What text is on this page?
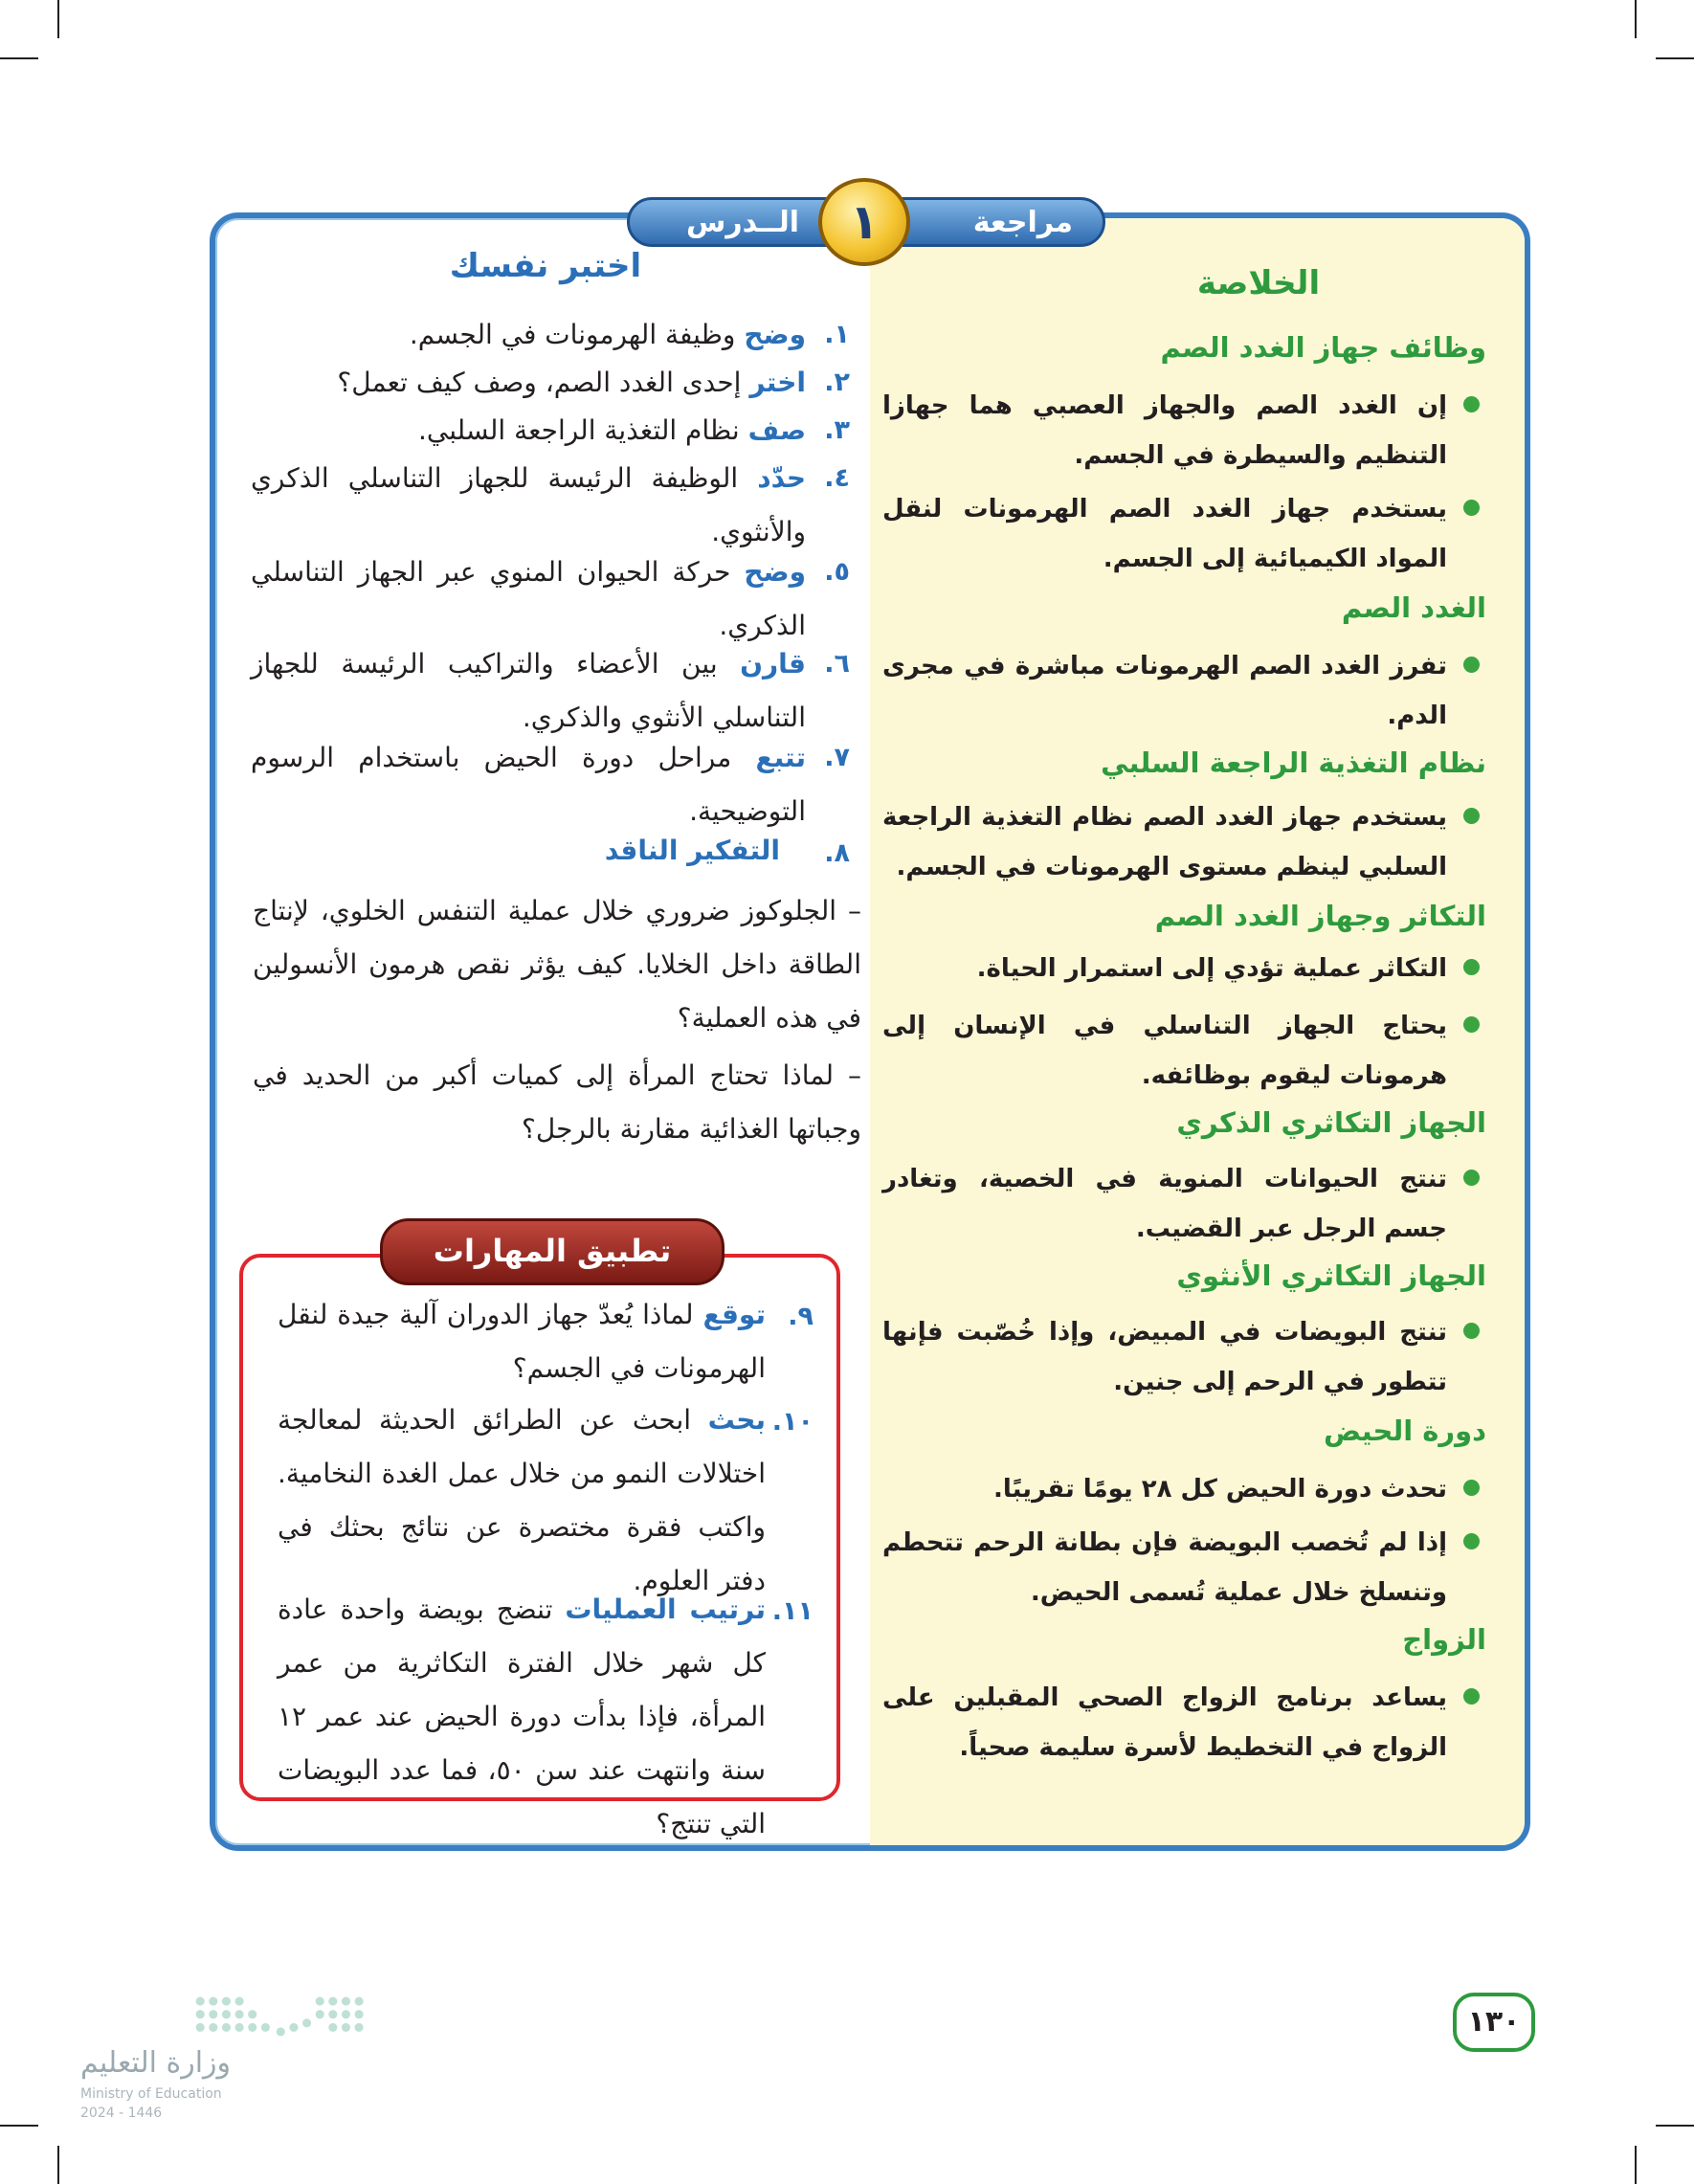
مراجعة
الــدرس	١
الخلاصة
وظائف جهاز الغدد الصم
إن الغدد الصم والجهاز العصبي هما جهازا التنظيم والسيطرة في الجسم.
يستخدم جهاز الغدد الصم الهرمونات لنقل المواد الكيميائية إلى الجسم.
الغدد الصم
تفرز الغدد الصم الهرمونات مباشرة في مجرى الدم.
نظام التغذية الراجعة السلبي
يستخدم جهاز الغدد الصم نظام التغذية الراجعة السلبي لينظم مستوى الهرمونات في الجسم.
التكاثر وجهاز الغدد الصم
التكاثر عملية تؤدي إلى استمرار الحياة.
يحتاج الجهاز التناسلي في الإنسان إلى هرمونات ليقوم بوظائفه.
الجهاز التكاثري الذكري
تنتج الحيوانات المنوية في الخصية، وتغادر جسم الرجل عبر القضيب.
الجهاز التكاثري الأنثوي
تنتج البويضات في المبيض، وإذا خُصّبت فإنها تتطور في الرحم إلى جنين.
دورة الحيض
تحدث دورة الحيض كل ٢٨ يومًا تقريبًا.
إذا لم تُخصب البويضة فإن بطانة الرحم تتحطم وتنسلخ خلال عملية تُسمى الحيض.
الزواج
يساعد برنامج الزواج الصحي المقبلين على الزواج في التخطيط لأسرة سليمة صحياً.
اختبر نفسك
١.
وضح وظيفة الهرمونات في الجسم.
٢.
اختر إحدى الغدد الصم، وصف كيف تعمل؟
٣.
صف نظام التغذية الراجعة السلبي.
٤.
حدّد الوظيفة الرئيسة للجهاز التناسلي الذكري والأنثوي.
٥.
وضح حركة الحيوان المنوي عبر الجهاز التناسلي الذكري.
٦.
قارن بين الأعضاء والتراكيب الرئيسة للجهاز التناسلي الأنثوي والذكري.
٧.
تتبع مراحل دورة الحيض باستخدام الرسوم التوضيحية.
٨.
التفكير الناقد
– الجلوكوز ضروري خلال عملية التنفس الخلوي، لإنتاج الطاقة داخل الخلايا. كيف يؤثر نقص هرمون الأنسولين في هذه العملية؟
– لماذا تحتاج المرأة إلى كميات أكبر من الحديد في وجباتها الغذائية مقارنة بالرجل؟
تطبيق المهارات
٩.
توقع لماذا يُعدّ جهاز الدوران آلية جيدة لنقل الهرمونات في الجسم؟
١٠.
بحث ابحث عن الطرائق الحديثة لمعالجة اختلالات النمو من خلال عمل الغدة النخامية. واكتب فقرة مختصرة عن نتائج بحثك في دفتر العلوم.
١١.
ترتيب العمليات تنضج بويضة واحدة عادة كل شهر خلال الفترة التكاثرية من عمر المرأة، فإذا بدأت دورة الحيض عند عمر ١٢ سنة وانتهت عند سن ٥٠، فما عدد البويضات التي تنتج؟
١٣٠
وزارة التعليم
Ministry of Education
2024 - 1446
